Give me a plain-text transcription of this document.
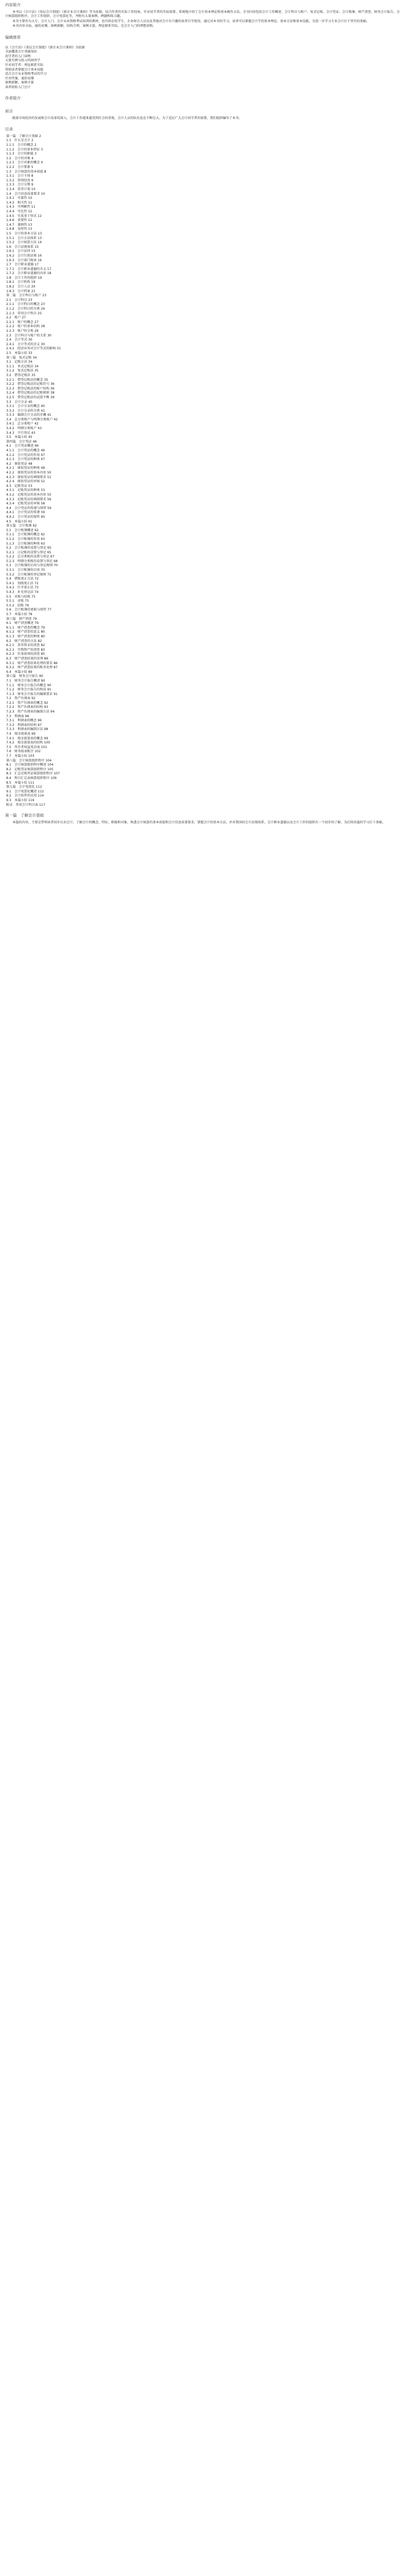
内容简介
本书以《会计法》《基层会计制度》《新企业会计准则》等为依据，结合作者的实际工作经验，针对初学者的实际需要，系统地介绍了会计基本理论和基本操作方法。全书内容包括会计工作概述、会计科目与账户、复式记账、会计凭证、会计账簿、财产清查、财务会计报告、会计核算组织程序、会计工作组织、会计电算化等，并附有大量案例、例题和练习题。
本书主要作为大专、会计人门、会计从业资格考试培训的教材，也可供在校学生、企业财会人员以及其他对会计有兴趣的读者自学使用。通过对本书的学习，读者可以掌握会计学的基本理论、基本方法和基本技能，为进一步学习专业会计打下坚实的基础。
本书内容全面，通俗易懂，体例新颖，结构合理，案例丰富，理论联系实际，是会计入门的理想读物。
编辑推荐
以《会计法》《基层会计制度》《新企业会计准则》为依据
全面覆盖会计基础知识
初学者的入门读物
大量实例与练习巩固所学
针对初学者：理论联系实际
帮助读者掌握会计基本技能
适合会计从业资格考试的学习
针对性强、通俗易懂
体例新颖、案例丰富
读者轻松入门会计
作者简介
前言
随着市场经济的发展和会计改革的深入，会计工作越来越受到社会的重视，会计人员的队伍也在不断壮大。为了适应广大会计初学者的需要，我们组织编写了本书。
目录
第一篇　了解会计基础 2
1.1　什么是会计 2
1.1.1　会计的概念 2
1.1.2　会计的基本特征 3
1.1.3　会计的职能 3
1.2　会计的对象 4
1.2.1　会计对象的概念 4
1.2.2　会计要素 5
1.3　会计核算的基本前提 8
1.3.1　会计主体 8
1.3.2　持续经营 9
1.3.3　会计分期 9
1.3.4　货币计量 10
1.4　会计信息质量要求 10
1.4.1　可靠性 10
1.4.2　相关性 11
1.4.3　可理解性 11
1.4.4　可比性 12
1.4.5　实质重于形式 12
1.4.6　重要性 12
1.4.7　谨慎性 13
1.4.8　及时性 13
1.5　会计的基本方法 13
1.5.1　会计方法体系 13
1.5.2　会计核算方法 14
1.6　会计法规体系 15
1.6.1　会计法律 15
1.6.2　会计行政法规 16
1.6.3　会计部门规章 16
1.7　会计职业道德 17
1.7.1　会计职业道德的含义 17
1.7.2　会计职业道德的内容 18
1.8　会计工作的组织 19
1.8.1　会计机构 19
1.8.2　会计人员 20
1.8.3　会计档案 21
第二篇　会计科目与账户 23
2.1　会计科目 23
2.1.1　会计科目的概念 23
2.1.2　会计科目的分类 24
2.1.3　常用会计科目 25
2.2　账户 27
2.2.1　账户的概念 27
2.2.2　账户的基本结构 28
2.2.3　账户的分类 29
2.3　会计科目与账户的关系 30
2.4　会计等式 30
2.4.1　会计等式的含义 30
2.4.2　经济业务对会计等式的影响 31
2.5　本篇小结 33
第三篇　复式记账 34
3.1　记账方法 34
3.1.1　单式记账法 34
3.1.2　复式记账法 35
3.2　借贷记账法 35
3.2.1　借贷记账法的概念 35
3.2.2　借贷记账法的记账符号 36
3.2.3　借贷记账法的账户结构 36
3.2.4　借贷记账法的记账规则 38
3.2.5　借贷记账法的试算平衡 39
3.3　会计分录 40
3.3.1　会计分录的概念 40
3.3.2　会计分录的分类 41
3.3.3　编制会计分录的步骤 41
3.4　总分类账户与明细分类账户 42
3.4.1　总分类账户 42
3.4.2　明细分类账户 43
3.4.3　平行登记 43
3.5　本篇小结 45
第四篇　会计凭证 46
4.1　会计凭证概述 46
4.1.1　会计凭证的概念 46
4.1.2　会计凭证的作用 47
4.1.3　会计凭证的种类 47
4.2　原始凭证 48
4.2.1　原始凭证的种类 48
4.2.2　原始凭证的基本内容 50
4.2.3　原始凭证的填制要求 51
4.2.4　原始凭证的审核 52
4.3　记账凭证 53
4.3.1　记账凭证的种类 53
4.3.2　记账凭证的基本内容 55
4.3.3　记账凭证的填制要求 56
4.3.4　记账凭证的审核 58
4.4　会计凭证的传递与保管 59
4.4.1　会计凭证的传递 59
4.4.2　会计凭证的保管 60
4.5　本篇小结 61
第五篇　会计账簿 62
5.1　会计账簿概述 62
5.1.1　会计账簿的概念 62
5.1.2　会计账簿的作用 63
5.1.3　会计账簿的种类 63
5.2　会计账簿的设置与登记 65
5.2.1　日记账的设置与登记 65
5.2.2　总分类账的设置与登记 67
5.2.3　明细分类账的设置与登记 68
5.3　会计账簿的启用与登记规则 70
5.3.1　会计账簿的启用 70
5.3.2　会计账簿的登记规则 71
5.4　错账更正方法 72
5.4.1　划线更正法 72
5.4.2　红字更正法 73
5.4.3　补充登记法 74
5.5　对账与结账 75
5.5.1　对账 75
5.5.2　结账 76
5.6　会计账簿的更换与保管 77
5.7　本篇小结 78
第六篇　财产清查 79
6.1　财产清查概述 79
6.1.1　财产清查的概念 79
6.1.2　财产清查的意义 80
6.1.3　财产清查的种类 80
6.2　财产清查的方法 82
6.2.1　货币资金的清查 82
6.2.2　实物资产的清查 83
6.2.3　往来款项的清查 85
6.3　财产清查结果的处理 86
6.3.1　财产清查结果处理的要求 86
6.3.2　财产清查结果的账务处理 87
6.4　本篇小结 89
第七篇　财务会计报告 90
7.1　财务会计报告概述 90
7.1.1　财务会计报告的概念 90
7.1.2　财务会计报告的构成 91
7.1.3　财务会计报告的编制要求 91
7.2　资产负债表 92
7.2.1　资产负债表的概念 92
7.2.2　资产负债表的结构 93
7.2.3　资产负债表的编制方法 94
7.3　利润表 96
7.3.1　利润表的概念 96
7.3.2　利润表的结构 97
7.3.3　利润表的编制方法 98
7.4　现金流量表 99
7.4.1　现金流量表的概念 99
7.4.2　现金流量表的结构 100
7.5　所有者权益变动表 101
7.6　财务报表附注 102
7.7　本篇小结 103
第八篇　会计核算组织程序 104
8.1　会计核算组织程序概述 104
8.2　记账凭证核算组织程序 105
8.3　汇总记账凭证核算组织程序 107
8.4　科目汇总表核算组织程序 109
8.5　本篇小结 111
第九篇　会计电算化 112
9.1　会计电算化概述 112
9.2　会计软件的应用 114
9.3　本篇小结 116
附录　常用会计科目表 117
第一篇　了解会计基础
本篇的内容，主要是带领读者初步认识会计，了解会计的概念、特征、职能和对象，熟悉会计核算的基本前提和会计信息质量要求，掌握会计的基本方法，并对我国的会计法规体系、会计职业道德以及会计工作的组织有一个初步的了解，为后续各篇的学习打下基础。
